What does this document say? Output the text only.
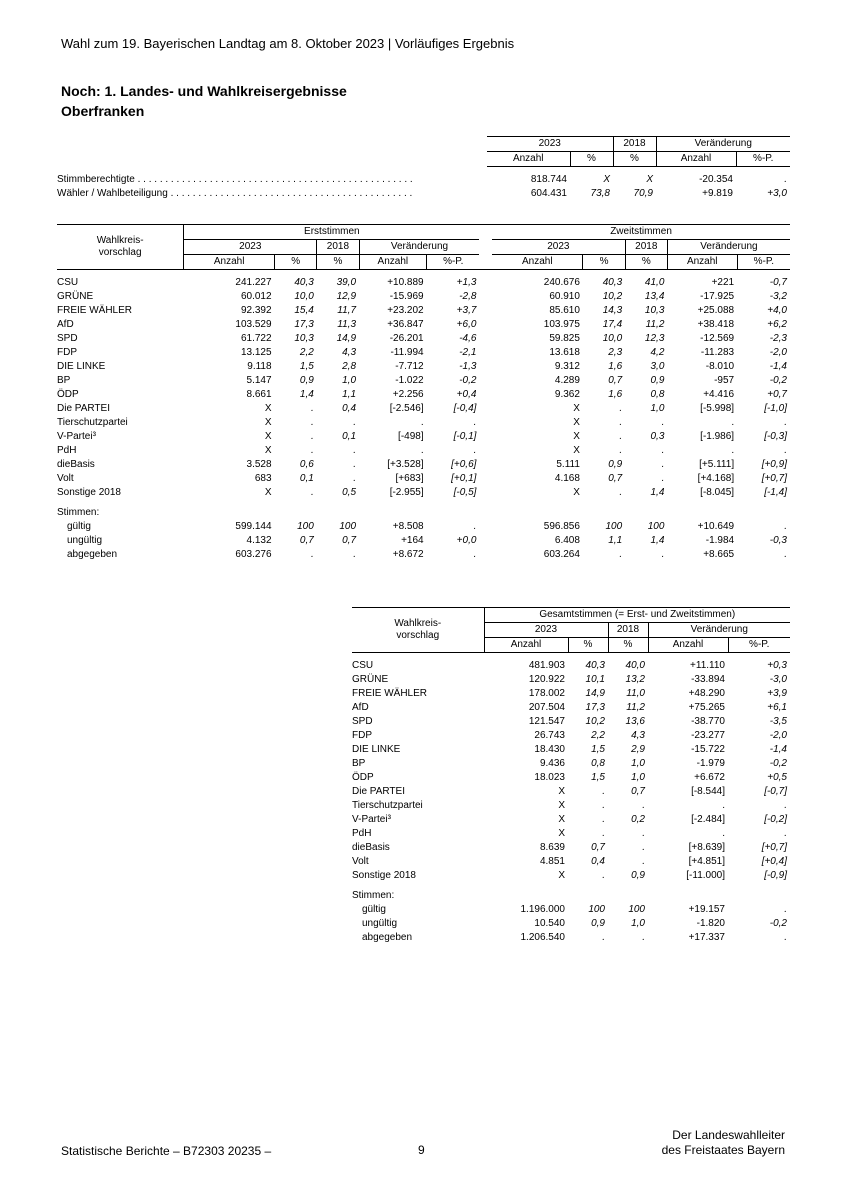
Wahl zum 19. Bayerischen Landtag am 8. Oktober 2023 | Vorläufiges Ergebnis
Noch: 1. Landes- und Wahlkreisergebnisse
Oberfranken
	2023		2018	Veränderung	
	Anzahl	%	%	Anzahl	%-P.

Stimmberechtigte . . . . . . . . . . . . . . . . . . . . . . . . . . . . . . . . . . . . . . . . . . . . . . . . . .	818.744	X	X	-20.354	.
Wähler / Wahlbeteiligung . . . . . . . . . . . . . . . . . . . . . . . . . . . . . . . . . . . . . . . . . . . .	604.431	73,8	70,9	+9.819	+3,0
Wahlkreis-
vorschlag	Erststimmen						Zweitstimmen				
	2023		2018	Veränderung			2023		2018	Veränderung	
	Anzahl	%	%	Anzahl	%-P.		Anzahl	%	%	Anzahl	%-P.

CSU	241.227	40,3	39,0	+10.889	+1,3		240.676	40,3	41,0	+221	-0,7
GRÜNE	60.012	10,0	12,9	-15.969	-2,8		60.910	10,2	13,4	-17.925	-3,2
FREIE WÄHLER	92.392	15,4	11,7	+23.202	+3,7		85.610	14,3	10,3	+25.088	+4,0
AfD	103.529	17,3	11,3	+36.847	+6,0		103.975	17,4	11,2	+38.418	+6,2
SPD	61.722	10,3	14,9	-26.201	-4,6		59.825	10,0	12,3	-12.569	-2,3
FDP	13.125	2,2	4,3	-11.994	-2,1		13.618	2,3	4,2	-11.283	-2,0
DIE LINKE	9.118	1,5	2,8	-7.712	-1,3		9.312	1,6	3,0	-8.010	-1,4
BP	5.147	0,9	1,0	-1.022	-0,2		4.289	0,7	0,9	-957	-0,2
ÖDP	8.661	1,4	1,1	+2.256	+0,4		9.362	1,6	0,8	+4.416	+0,7
Die PARTEI	X	.	0,4	[-2.546]	[-0,4]		X	.	1,0	[-5.998]	[-1,0]
Tierschutzpartei	X	.	.	.	.		X	.	.	.	.
V-Partei³	X	.	0,1	[-498]	[-0,1]		X	.	0,3	[-1.986]	[-0,3]
PdH	X	.	.	.	.		X	.	.	.	.
dieBasis	3.528	0,6	.	[+3.528]	[+0,6]		5.111	0,9	.	[+5.111]	[+0,9]
Volt	683	0,1	.	[+683]	[+0,1]		4.168	0,7	.	[+4.168]	[+0,7]
Sonstige 2018	X	.	0,5	[-2.955]	[-0,5]		X	.	1,4	[-8.045]	[-1,4]

Stimmen:											
gültig	599.144	100	100	+8.508	.		596.856	100	100	+10.649	.
ungültig	4.132	0,7	0,7	+164	+0,0		6.408	1,1	1,4	-1.984	-0,3
abgegeben	603.276	.	.	+8.672	.		603.264	.	.	+8.665	.
Wahlkreis-
vorschlag	Gesamtstimmen (= Erst- und Zweitstimmen)				
	2023		2018	Veränderung	
	Anzahl	%	%	Anzahl	%-P.

CSU	481.903	40,3	40,0	+11.110	+0,3
GRÜNE	120.922	10,1	13,2	-33.894	-3,0
FREIE WÄHLER	178.002	14,9	11,0	+48.290	+3,9
AfD	207.504	17,3	11,2	+75.265	+6,1
SPD	121.547	10,2	13,6	-38.770	-3,5
FDP	26.743	2,2	4,3	-23.277	-2,0
DIE LINKE	18.430	1,5	2,9	-15.722	-1,4
BP	9.436	0,8	1,0	-1.979	-0,2
ÖDP	18.023	1,5	1,0	+6.672	+0,5
Die PARTEI	X	.	0,7	[-8.544]	[-0,7]
Tierschutzpartei	X	.	.	.	.
V-Partei³	X	.	0,2	[-2.484]	[-0,2]
PdH	X	.	.	.	.
dieBasis	8.639	0,7	.	[+8.639]	[+0,7]
Volt	4.851	0,4	.	[+4.851]	[+0,4]
Sonstige 2018	X	.	0,9	[-11.000]	[-0,9]

Stimmen:					
gültig	1.196.000	100	100	+19.157	.
ungültig	10.540	0,9	1,0	-1.820	-0,2
abgegeben	1.206.540	.	.	+17.337	.
Statistische Berichte – B72303 20235 –	9
Der Landeswahlleiter
des Freistaates Bayern
